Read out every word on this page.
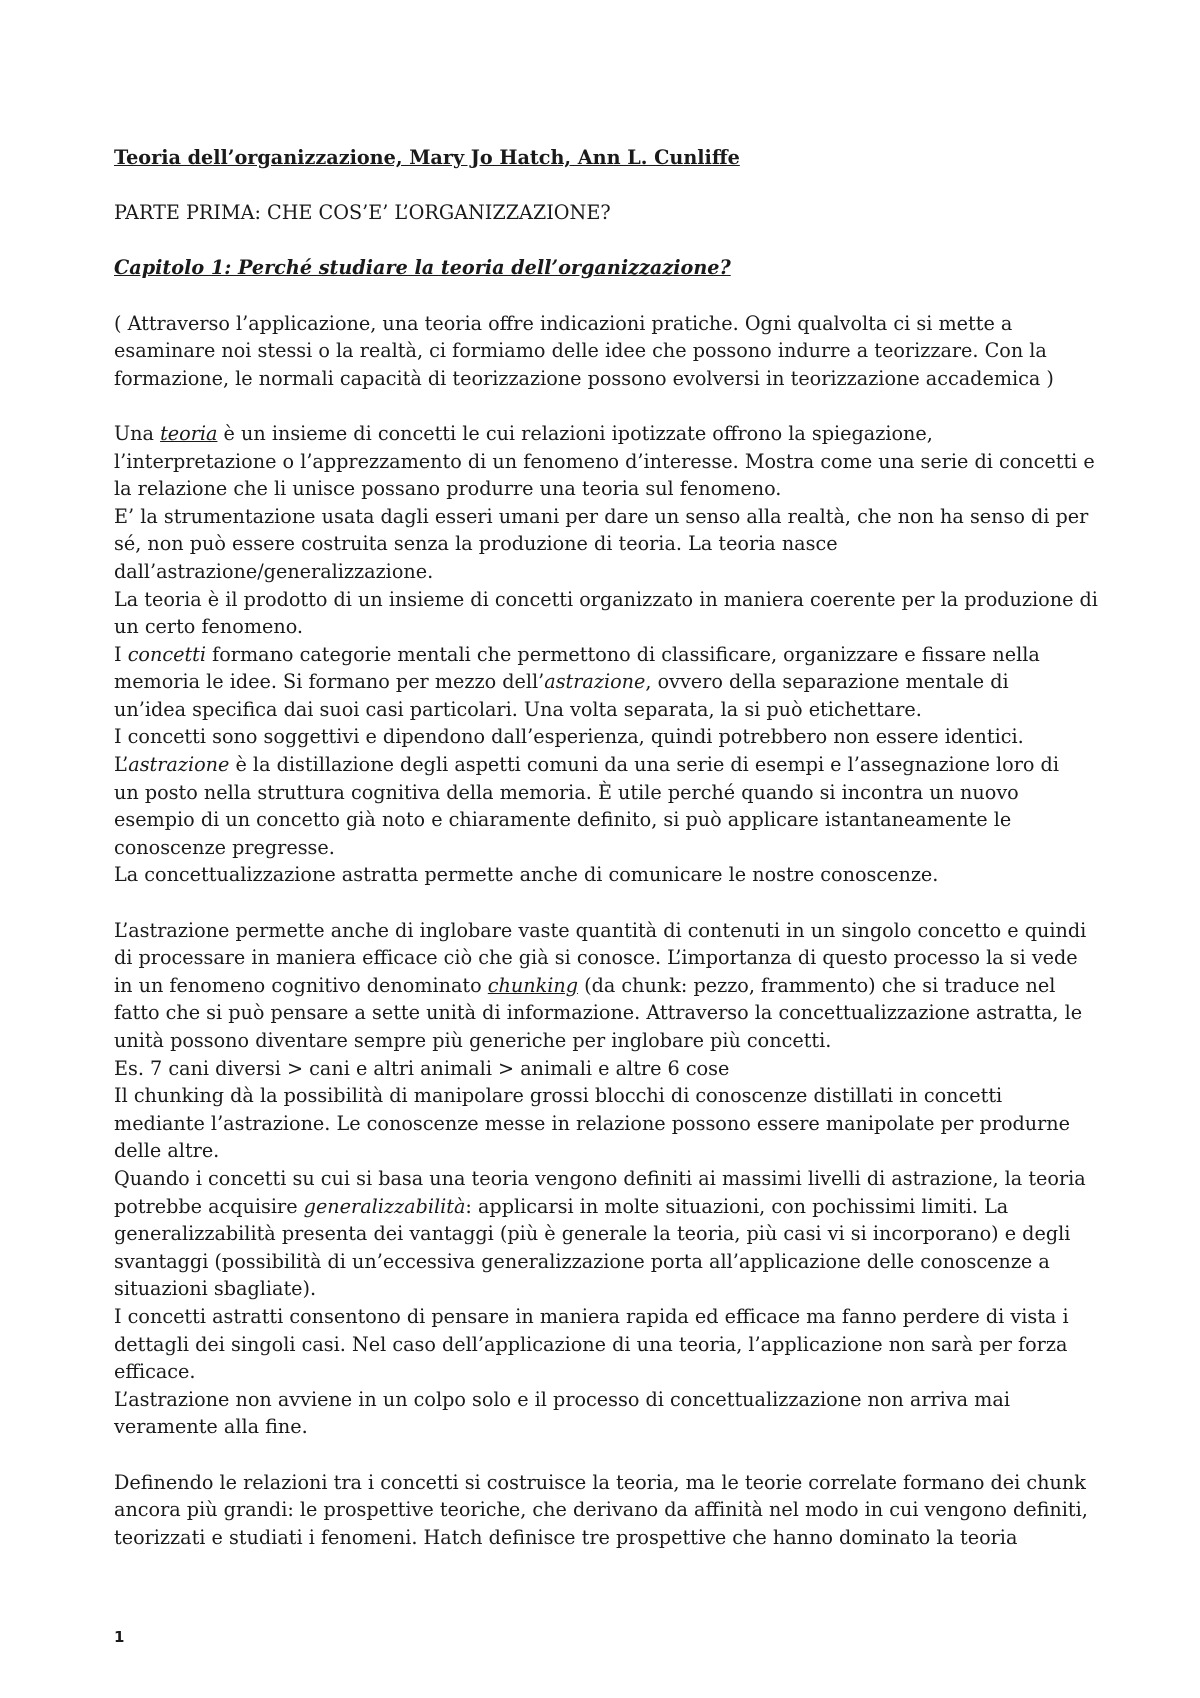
Teoria dell’organizzazione, Mary Jo Hatch, Ann L. Cunliffe
PARTE PRIMA: CHE COS’E’ L’ORGANIZZAZIONE?
Capitolo 1: Perché studiare la teoria dell’organizzazione?
( Attraverso l’applicazione, una teoria offre indicazioni pratiche. Ogni qualvolta ci si mette a
esaminare noi stessi o la realtà, ci formiamo delle idee che possono indurre a teorizzare. Con la
formazione, le normali capacità di teorizzazione possono evolversi in teorizzazione accademica )
Una teoria è un insieme di concetti le cui relazioni ipotizzate offrono la spiegazione,
l’interpretazione o l’apprezzamento di un fenomeno d’interesse. Mostra come una serie di concetti e
la relazione che li unisce possano produrre una teoria sul fenomeno.
E’ la strumentazione usata dagli esseri umani per dare un senso alla realtà, che non ha senso di per
sé, non può essere costruita senza la produzione di teoria. La teoria nasce
dall’astrazione/generalizzazione.
La teoria è il prodotto di un insieme di concetti organizzato in maniera coerente per la produzione di
un certo fenomeno.
I concetti formano categorie mentali che permettono di classificare, organizzare e fissare nella
memoria le idee. Si formano per mezzo dell’astrazione, ovvero della separazione mentale di
un’idea specifica dai suoi casi particolari. Una volta separata, la si può etichettare.
I concetti sono soggettivi e dipendono dall’esperienza, quindi potrebbero non essere identici.
L’astrazione è la distillazione degli aspetti comuni da una serie di esempi e l’assegnazione loro di
un posto nella struttura cognitiva della memoria. È utile perché quando si incontra un nuovo
esempio di un concetto già noto e chiaramente definito, si può applicare istantaneamente le
conoscenze pregresse.
La concettualizzazione astratta permette anche di comunicare le nostre conoscenze.
L’astrazione permette anche di inglobare vaste quantità di contenuti in un singolo concetto e quindi
di processare in maniera efficace ciò che già si conosce. L’importanza di questo processo la si vede
in un fenomeno cognitivo denominato chunking (da chunk: pezzo, frammento) che si traduce nel
fatto che si può pensare a sette unità di informazione. Attraverso la concettualizzazione astratta, le
unità possono diventare sempre più generiche per inglobare più concetti.
Es. 7 cani diversi > cani e altri animali > animali e altre 6 cose
Il chunking dà la possibilità di manipolare grossi blocchi di conoscenze distillati in concetti
mediante l’astrazione. Le conoscenze messe in relazione possono essere manipolate per produrne
delle altre.
Quando i concetti su cui si basa una teoria vengono definiti ai massimi livelli di astrazione, la teoria
potrebbe acquisire generalizzabilità: applicarsi in molte situazioni, con pochissimi limiti. La
generalizzabilità presenta dei vantaggi (più è generale la teoria, più casi vi si incorporano) e degli
svantaggi (possibilità di un’eccessiva generalizzazione porta all’applicazione delle conoscenze a
situazioni sbagliate).
I concetti astratti consentono di pensare in maniera rapida ed efficace ma fanno perdere di vista i
dettagli dei singoli casi. Nel caso dell’applicazione di una teoria, l’applicazione non sarà per forza
efficace.
L’astrazione non avviene in un colpo solo e il processo di concettualizzazione non arriva mai
veramente alla fine.
Definendo le relazioni tra i concetti si costruisce la teoria, ma le teorie correlate formano dei chunk
ancora più grandi: le prospettive teoriche, che derivano da affinità nel modo in cui vengono definiti,
teorizzati e studiati i fenomeni. Hatch definisce tre prospettive che hanno dominato la teoria
1
